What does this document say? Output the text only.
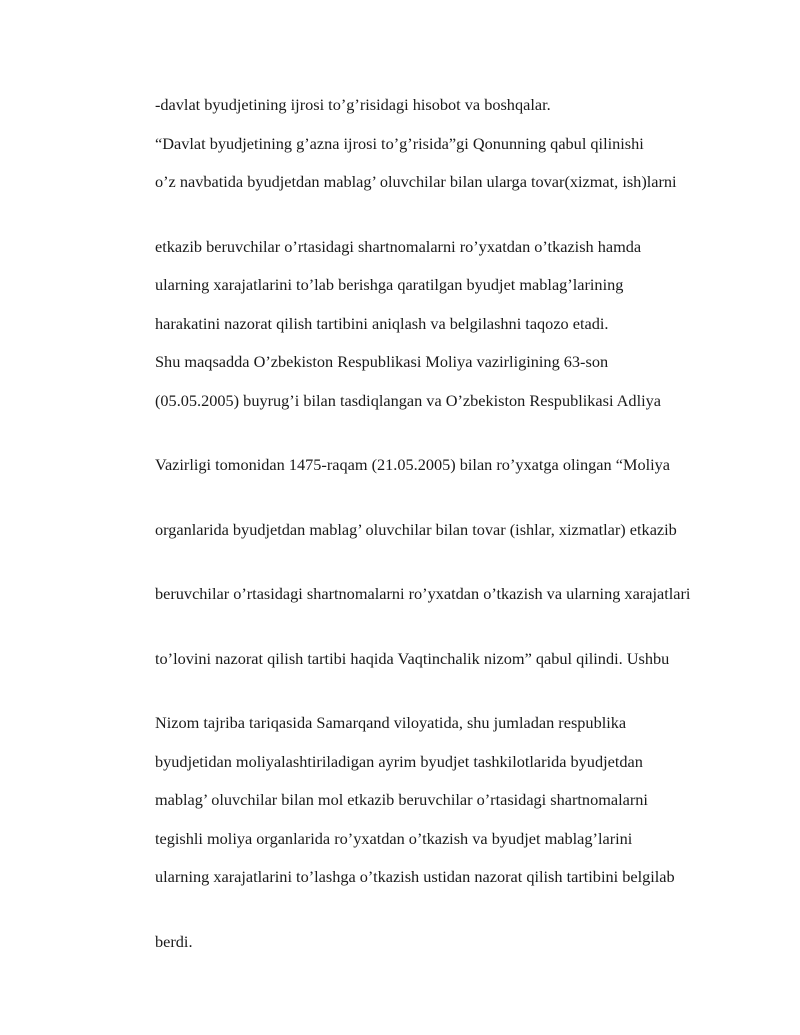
-davlat byudjetining ijrosi to’g’risidagi hisobot va boshqalar.

“Davlat byudjetining g’azna ijrosi to’g’risida”gi Qonunning qabul qilinishi

o’z navbatida byudjetdan mablag’ oluvchilar bilan ularga tovar(xizmat, ish)larni

etkazib beruvchilar o’rtasidagi shartnomalarni ro’yxatdan o’tkazish hamda

ularning xarajatlarini to’lab berishga qaratilgan byudjet mablag’larining

harakatini nazorat qilish tartibini aniqlash va belgilashni taqozo etadi.

Shu maqsadda O’zbekiston Respublikasi Moliya vazirligining 63-son

(05.05.2005) buyrug’i bilan tasdiqlangan va O’zbekiston Respublikasi Adliya

Vazirligi tomonidan 1475-raqam (21.05.2005) bilan ro’yxatga olingan “Moliya

organlarida byudjetdan mablag’ oluvchilar bilan tovar (ishlar, xizmatlar) etkazib

beruvchilar o’rtasidagi shartnomalarni ro’yxatdan o’tkazish va ularning xarajatlari

to’lovini nazorat qilish tartibi haqida Vaqtinchalik nizom” qabul qilindi. Ushbu

Nizom tajriba tariqasida Samarqand viloyatida, shu jumladan respublika

byudjetidan moliyalashtiriladigan ayrim byudjet tashkilotlarida byudjetdan

mablag’ oluvchilar bilan mol etkazib beruvchilar o’rtasidagi shartnomalarni

tegishli moliya organlarida ro’yxatdan o’tkazish va byudjet mablag’larini

ularning xarajatlarini to’lashga o’tkazish ustidan nazorat qilish tartibini belgilab

berdi.
